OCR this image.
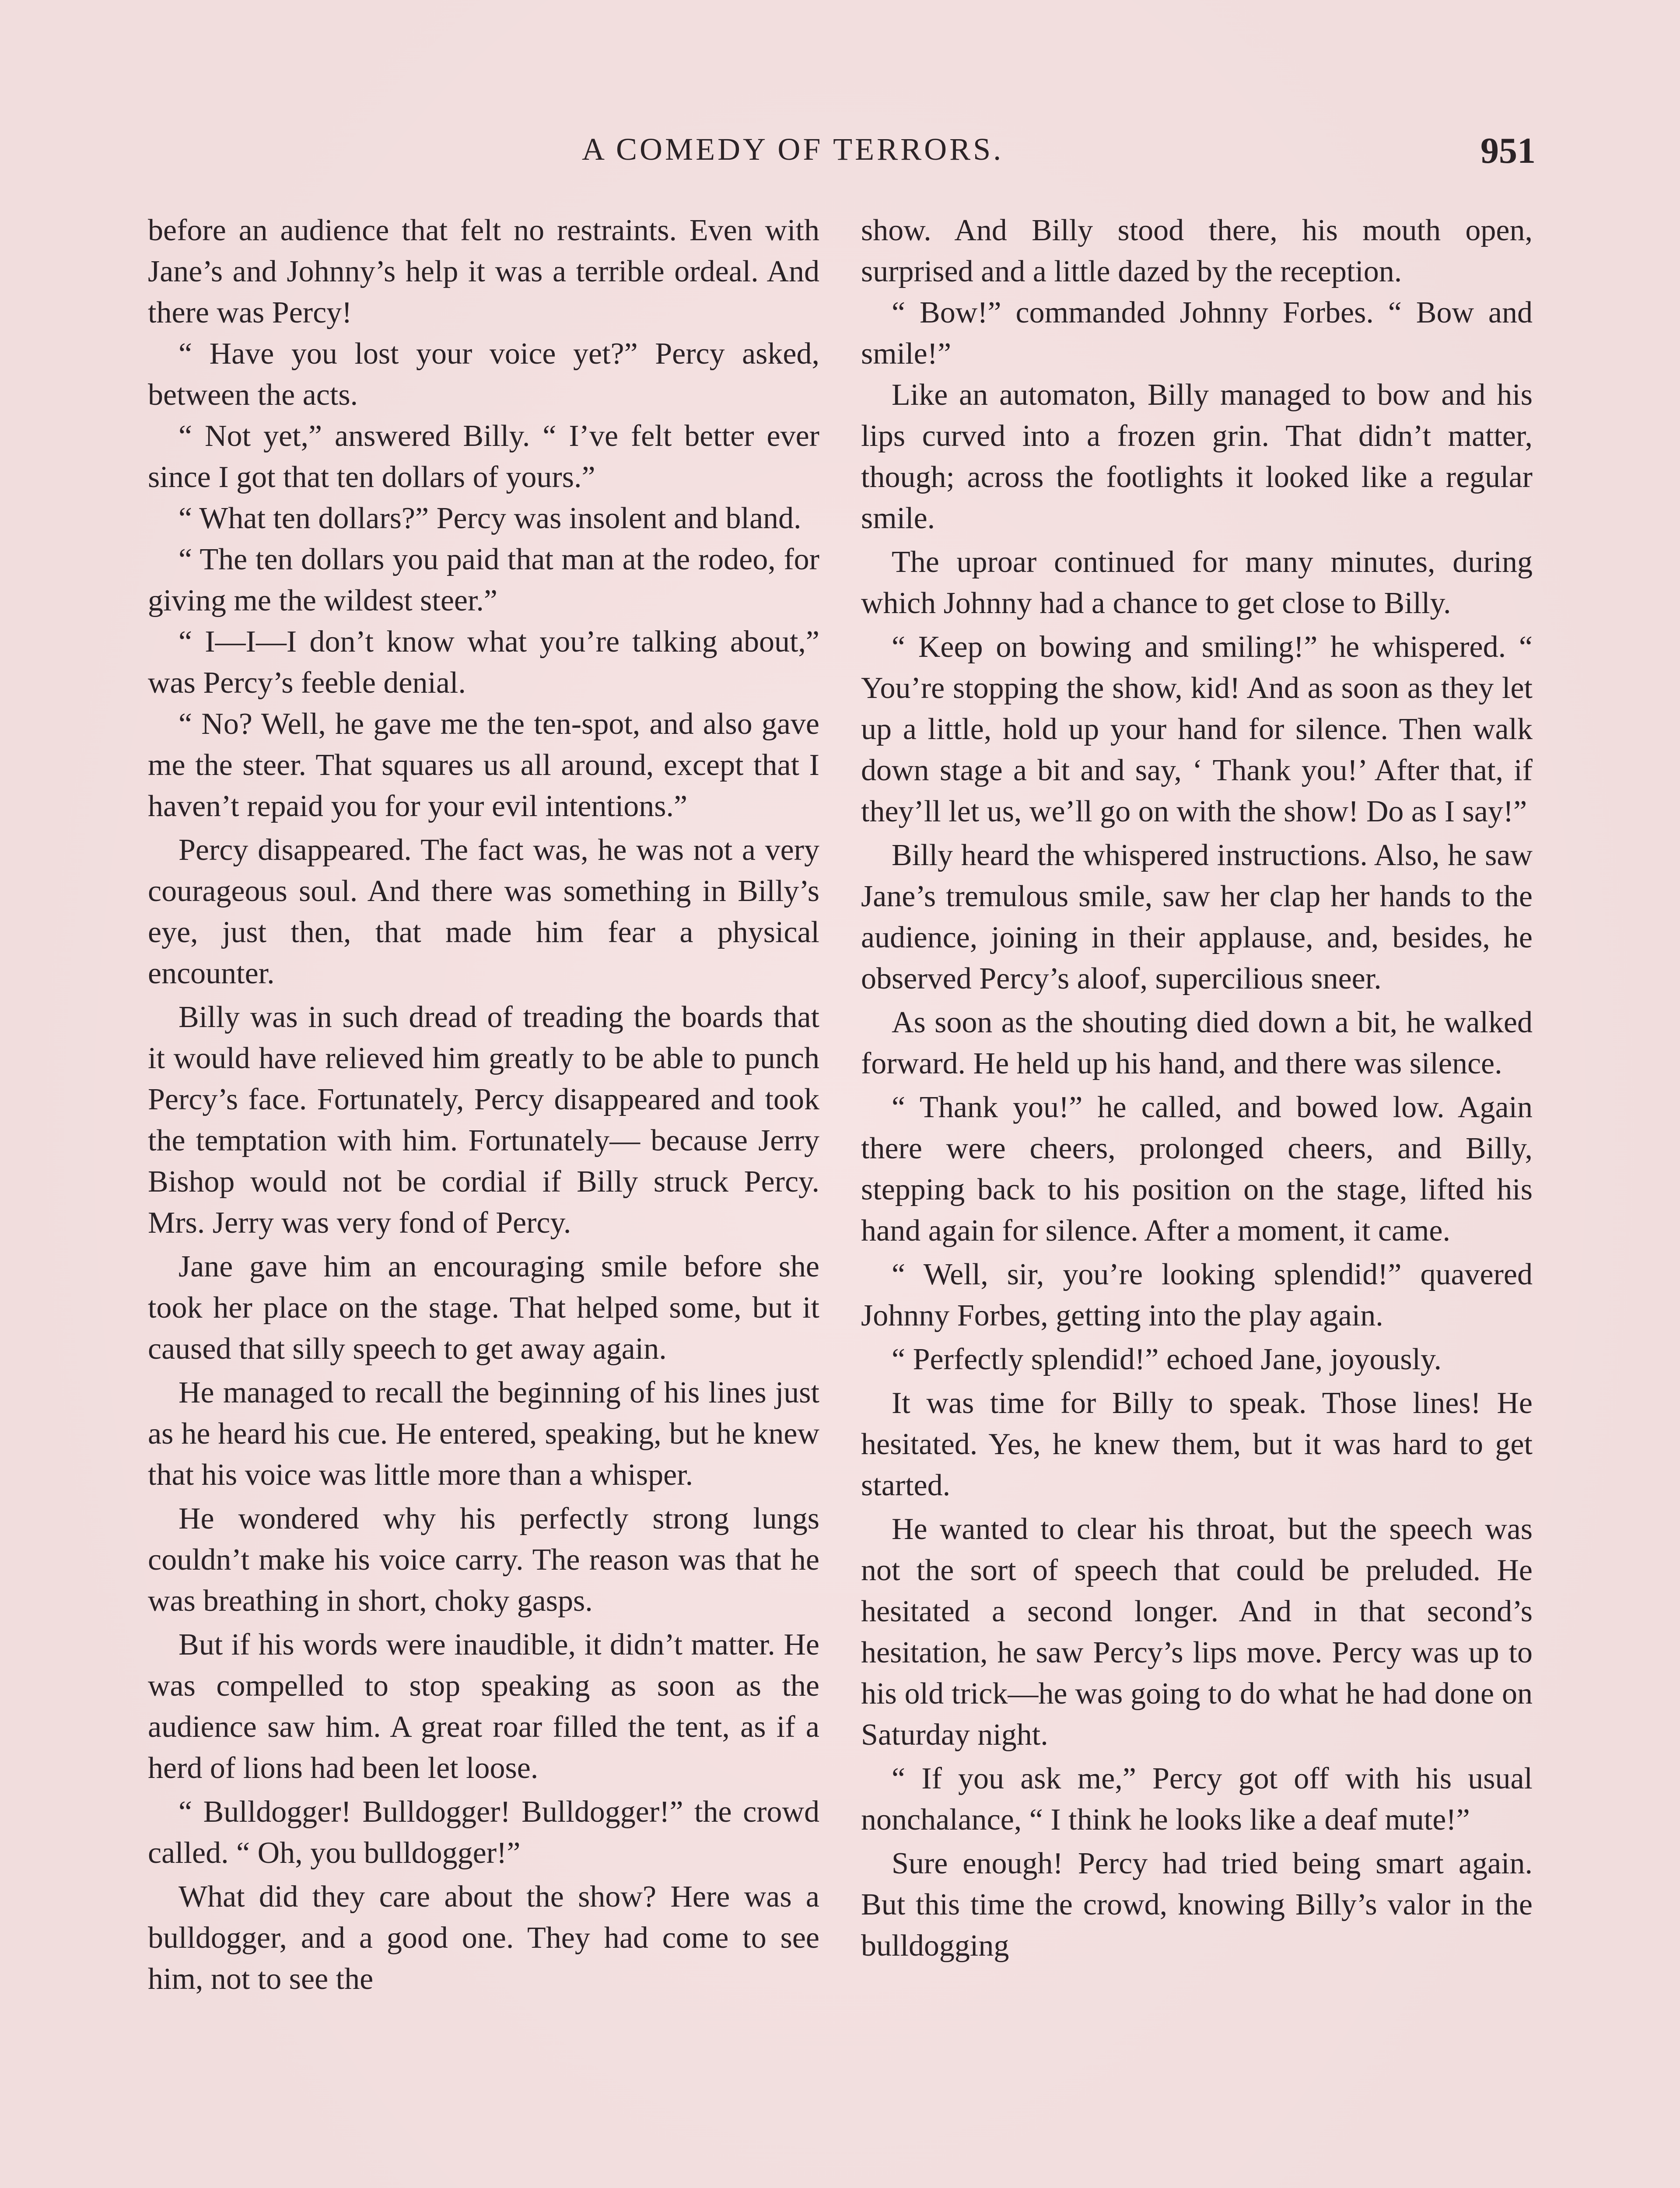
A COMEDY OF TERRORS.	951

before an audience that felt no restraints. Even with Jane’s and Johnny’s help it was a terrible ordeal. And there was Percy!

“ Have you lost your voice yet?” Percy asked, between the acts.

“ Not yet,” answered Billy. “ I’ve felt better ever since I got that ten dollars of yours.”

“ What ten dollars?” Percy was insolent and bland.

“ The ten dollars you paid that man at the rodeo, for giving me the wildest steer.”

“ I—I—I don’t know what you’re talking about,” was Percy’s feeble denial.

“ No? Well, he gave me the ten-spot, and also gave me the steer. That squares us all around, except that I haven’t repaid you for your evil intentions.”

Percy disappeared. The fact was, he was not a very courageous soul. And there was something in Billy’s eye, just then, that made him fear a physical encounter.

Billy was in such dread of treading the boards that it would have relieved him greatly to be able to punch Percy’s face. Fortunately, Percy disappeared and took the temptation with him. Fortunately— because Jerry Bishop would not be cordial if Billy struck Percy. Mrs. Jerry was very fond of Percy.

Jane gave him an encouraging smile before she took her place on the stage. That helped some, but it caused that silly speech to get away again.

He managed to recall the beginning of his lines just as he heard his cue. He entered, speaking, but he knew that his voice was little more than a whisper.

He wondered why his perfectly strong lungs couldn’t make his voice carry. The reason was that he was breathing in short, choky gasps.

But if his words were inaudible, it didn’t matter. He was compelled to stop speaking as soon as the audience saw him. A great roar filled the tent, as if a herd of lions had been let loose.

“ Bulldogger! Bulldogger! Bulldogger!” the crowd called. “ Oh, you bulldogger!”

What did they care about the show? Here was a bulldogger, and a good one. They had come to see him, not to see the

show. And Billy stood there, his mouth open, surprised and a little dazed by the reception.

“ Bow!” commanded Johnny Forbes. “ Bow and smile!”

Like an automaton, Billy managed to bow and his lips curved into a frozen grin. That didn’t matter, though; across the footlights it looked like a regular smile.

The uproar continued for many minutes, during which Johnny had a chance to get close to Billy.

“ Keep on bowing and smiling!” he whispered. “ You’re stopping the show, kid! And as soon as they let up a little, hold up your hand for silence. Then walk down stage a bit and say, ‘ Thank you!’ After that, if they’ll let us, we’ll go on with the show! Do as I say!”

Billy heard the whispered instructions. Also, he saw Jane’s tremulous smile, saw her clap her hands to the audience, joining in their applause, and, besides, he observed Percy’s aloof, supercilious sneer.

As soon as the shouting died down a bit, he walked forward. He held up his hand, and there was silence.

“ Thank you!” he called, and bowed low. Again there were cheers, prolonged cheers, and Billy, stepping back to his position on the stage, lifted his hand again for silence. After a moment, it came.

“ Well, sir, you’re looking splendid!” quavered Johnny Forbes, getting into the play again.

“ Perfectly splendid!” echoed Jane, joyously.

It was time for Billy to speak. Those lines! He hesitated. Yes, he knew them, but it was hard to get started.

He wanted to clear his throat, but the speech was not the sort of speech that could be preluded. He hesitated a second longer. And in that second’s hesitation, he saw Percy’s lips move. Percy was up to his old trick—he was going to do what he had done on Saturday night.

“ If you ask me,” Percy got off with his usual nonchalance, “ I think he looks like a deaf mute!”

Sure enough! Percy had tried being smart again. But this time the crowd, knowing Billy’s valor in the bulldogging
